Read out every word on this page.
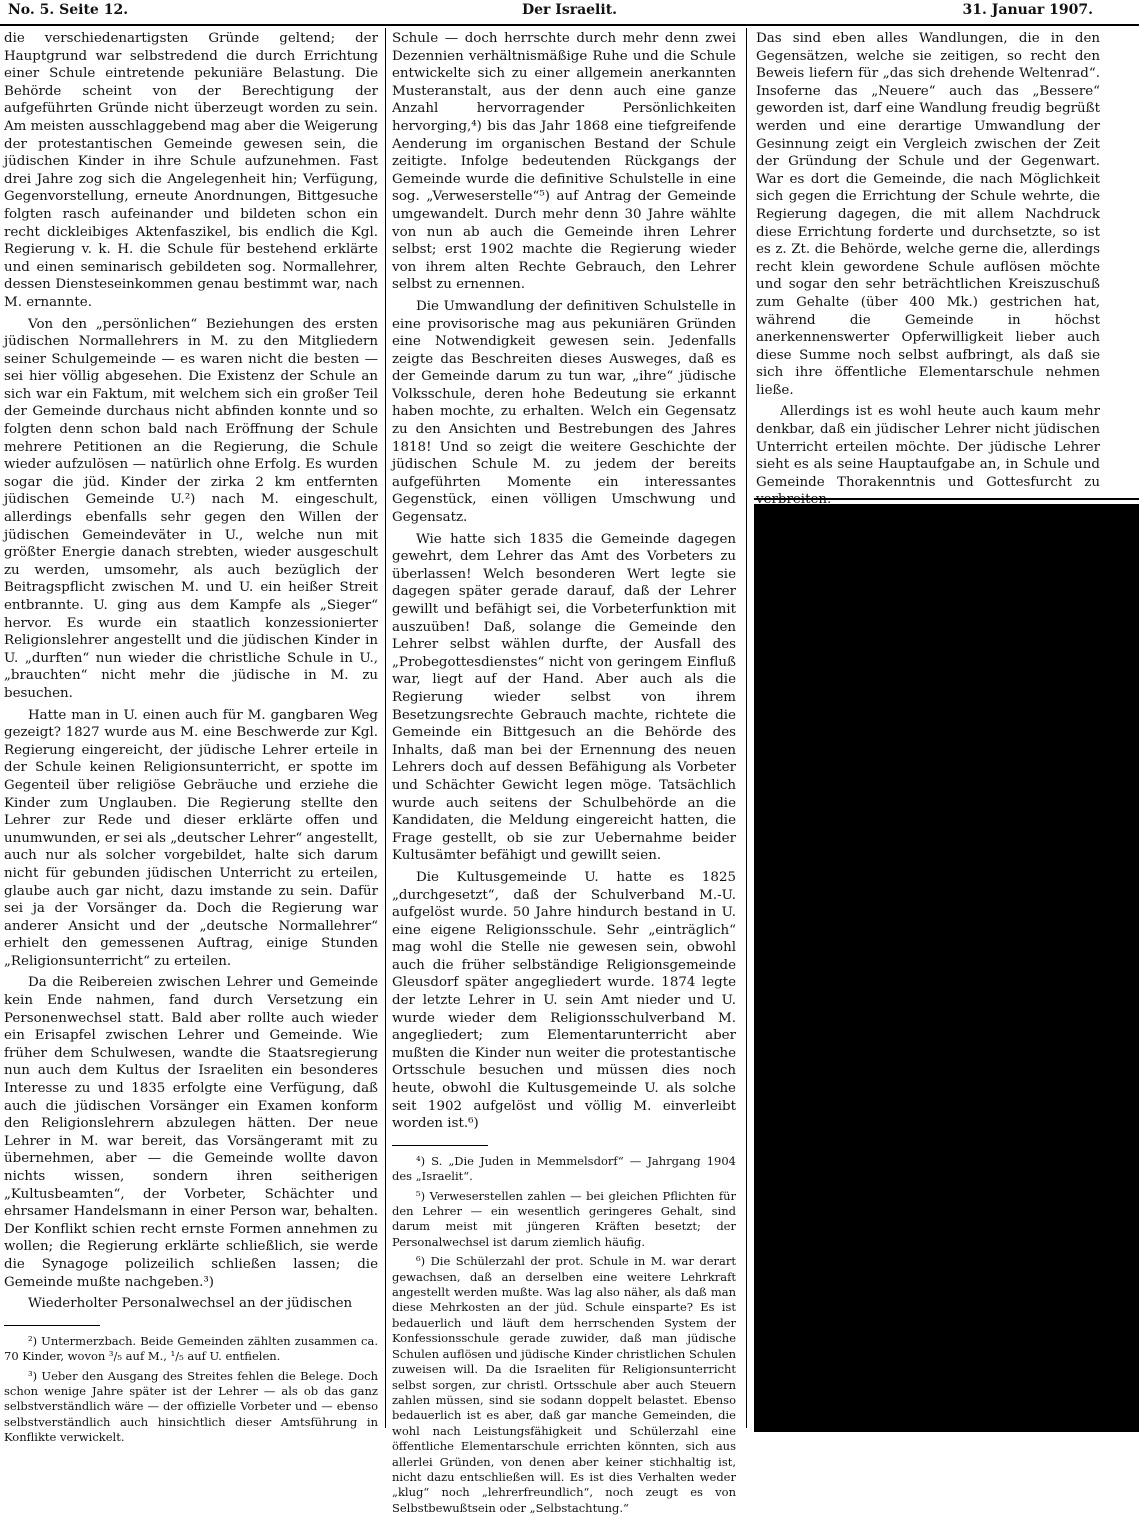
No. 5. Seite 12.	Der Israelit.	31. Januar 1907.

die verschiedenartigsten Gründe geltend; der Hauptgrund war selbstredend die durch Errichtung einer Schule eintretende pekuniäre Belastung. Die Behörde scheint von der Berechtigung der aufgeführten Gründe nicht überzeugt worden zu sein. Am meisten ausschlaggebend mag aber die Weigerung der protestantischen Gemeinde gewesen sein, die jüdischen Kinder in ihre Schule aufzunehmen. Fast drei Jahre zog sich die Angelegenheit hin; Verfügung, Gegenvorstellung, erneute Anordnungen, Bittgesuche folgten rasch aufeinander und bildeten schon ein recht dickleibiges Aktenfaszikel, bis endlich die Kgl. Regierung v. k. H. die Schule für bestehend erklärte und einen seminarisch gebildeten sog. Normallehrer, dessen Diensteseinkommen genau bestimmt war, nach M. ernannte.

Von den „persönlichen“ Beziehungen des ersten jüdischen Normallehrers in M. zu den Mitgliedern seiner Schulgemeinde — es waren nicht die besten — sei hier völlig abgesehen. Die Existenz der Schule an sich war ein Faktum, mit welchem sich ein großer Teil der Gemeinde durchaus nicht abfinden konnte und so folgten denn schon bald nach Eröffnung der Schule mehrere Petitionen an die Regierung, die Schule wieder aufzulösen — natürlich ohne Erfolg. Es wurden sogar die jüd. Kinder der zirka 2 km entfernten jüdischen Gemeinde U.²) nach M. eingeschult, allerdings ebenfalls sehr gegen den Willen der jüdischen Gemeindeväter in U., welche nun mit größter Energie danach strebten, wieder ausgeschult zu werden, umsomehr, als auch bezüglich der Beitragspflicht zwischen M. und U. ein heißer Streit entbrannte. U. ging aus dem Kampfe als „Sieger“ hervor. Es wurde ein staatlich konzessionierter Religionslehrer angestellt und die jüdischen Kinder in U. „durften“ nun wieder die christliche Schule in U., „brauchten“ nicht mehr die jüdische in M. zu besuchen.

Hatte man in U. einen auch für M. gangbaren Weg gezeigt? 1827 wurde aus M. eine Beschwerde zur Kgl. Regierung eingereicht, der jüdische Lehrer erteile in der Schule keinen Religionsunterricht, er spotte im Gegenteil über religiöse Gebräuche und erziehe die Kinder zum Unglauben. Die Regierung stellte den Lehrer zur Rede und dieser erklärte offen und unumwunden, er sei als „deutscher Lehrer“ angestellt, auch nur als solcher vorgebildet, halte sich darum nicht für gebunden jüdischen Unterricht zu erteilen, glaube auch gar nicht, dazu imstande zu sein. Dafür sei ja der Vorsänger da. Doch die Regierung war anderer Ansicht und der „deutsche Normallehrer“ erhielt den gemessenen Auftrag, einige Stunden „Religionsunterricht“ zu erteilen.

Da die Reibereien zwischen Lehrer und Gemeinde kein Ende nahmen, fand durch Versetzung ein Personenwechsel statt. Bald aber rollte auch wieder ein Erisapfel zwischen Lehrer und Gemeinde. Wie früher dem Schulwesen, wandte die Staatsregierung nun auch dem Kultus der Israeliten ein besonderes Interesse zu und 1835 erfolgte eine Verfügung, daß auch die jüdischen Vorsänger ein Examen konform den Religionslehrern abzulegen hätten. Der neue Lehrer in M. war bereit, das Vorsängeramt mit zu übernehmen, aber — die Gemeinde wollte davon nichts wissen, sondern ihren seitherigen „Kultusbeamten“, der Vorbeter, Schächter und ehrsamer Handelsmann in einer Person war, behalten. Der Konflikt schien recht ernste Formen annehmen zu wollen; die Regierung erklärte schließlich, sie werde die Synagoge polizeilich schließen lassen; die Gemeinde mußte nachgeben.³)

Wiederholter Personalwechsel an der jüdischen

²) Untermerzbach. Beide Gemeinden zählten zusammen ca. 70 Kinder, wovon ³/₅ auf M., ¹/₅ auf U. entfielen.

³) Ueber den Ausgang des Streites fehlen die Belege. Doch schon wenige Jahre später ist der Lehrer — als ob das ganz selbstverständlich wäre — der offizielle Vorbeter und — ebenso selbstverständlich auch hinsichtlich dieser Amtsführung in Konflikte verwickelt.

Schule — doch herrschte durch mehr denn zwei Dezennien verhältnismäßige Ruhe und die Schule entwickelte sich zu einer allgemein anerkannten Musteranstalt, aus der denn auch eine ganze Anzahl hervorragender Persönlichkeiten hervorging,⁴) bis das Jahr 1868 eine tiefgreifende Aenderung im organischen Bestand der Schule zeitigte. Infolge bedeutenden Rückgangs der Gemeinde wurde die definitive Schulstelle in eine sog. „Verweserstelle“⁵) auf Antrag der Gemeinde umgewandelt. Durch mehr denn 30 Jahre wählte von nun ab auch die Gemeinde ihren Lehrer selbst; erst 1902 machte die Regierung wieder von ihrem alten Rechte Gebrauch, den Lehrer selbst zu ernennen.

Die Umwandlung der definitiven Schulstelle in eine provisorische mag aus pekuniären Gründen eine Notwendigkeit gewesen sein. Jedenfalls zeigte das Beschreiten dieses Ausweges, daß es der Gemeinde darum zu tun war, „ihre“ jüdische Volksschule, deren hohe Bedeutung sie erkannt haben mochte, zu erhalten. Welch ein Gegensatz zu den Ansichten und Bestrebungen des Jahres 1818! Und so zeigt die weitere Geschichte der jüdischen Schule M. zu jedem der bereits aufgeführten Momente ein interessantes Gegenstück, einen völligen Umschwung und Gegensatz.

Wie hatte sich 1835 die Gemeinde dagegen gewehrt, dem Lehrer das Amt des Vorbeters zu überlassen! Welch besonderen Wert legte sie dagegen später gerade darauf, daß der Lehrer gewillt und befähigt sei, die Vorbeterfunktion mit auszuüben! Daß, solange die Gemeinde den Lehrer selbst wählen durfte, der Ausfall des „Probegottesdienstes“ nicht von geringem Einfluß war, liegt auf der Hand. Aber auch als die Regierung wieder selbst von ihrem Besetzungsrechte Gebrauch machte, richtete die Gemeinde ein Bittgesuch an die Behörde des Inhalts, daß man bei der Ernennung des neuen Lehrers doch auf dessen Befähigung als Vorbeter und Schächter Gewicht legen möge. Tatsächlich wurde auch seitens der Schulbehörde an die Kandidaten, die Meldung eingereicht hatten, die Frage gestellt, ob sie zur Uebernahme beider Kultusämter befähigt und gewillt seien.

Die Kultusgemeinde U. hatte es 1825 „durchgesetzt“, daß der Schulverband M.-U. aufgelöst wurde. 50 Jahre hindurch bestand in U. eine eigene Religionsschule. Sehr „einträglich“ mag wohl die Stelle nie gewesen sein, obwohl auch die früher selbständige Religionsgemeinde Gleusdorf später angegliedert wurde. 1874 legte der letzte Lehrer in U. sein Amt nieder und U. wurde wieder dem Religionsschulverband M. angegliedert; zum Elementarunterricht aber mußten die Kinder nun weiter die protestantische Ortsschule besuchen und müssen dies noch heute, obwohl die Kultusgemeinde U. als solche seit 1902 aufgelöst und völlig M. einverleibt worden ist.⁶)

⁴) S. „Die Juden in Memmelsdorf“ — Jahrgang 1904 des „Israelit“.

⁵) Verweserstellen zahlen — bei gleichen Pflichten für den Lehrer — ein wesentlich geringeres Gehalt, sind darum meist mit jüngeren Kräften besetzt; der Personalwechsel ist darum ziemlich häufig.

⁶) Die Schülerzahl der prot. Schule in M. war derart gewachsen, daß an derselben eine weitere Lehrkraft angestellt werden mußte. Was lag also näher, als daß man diese Mehrkosten an der jüd. Schule einsparte? Es ist bedauerlich und läuft dem herrschenden System der Konfessionsschule gerade zuwider, daß man jüdische Schulen auflösen und jüdische Kinder christlichen Schulen zuweisen will. Da die Israeliten für Religionsunterricht selbst sorgen, zur christl. Ortsschule aber auch Steuern zahlen müssen, sind sie sodann doppelt belastet. Ebenso bedauerlich ist es aber, daß gar manche Gemeinden, die wohl nach Leistungsfähigkeit und Schülerzahl eine öffentliche Elementarschule errichten könnten, sich aus allerlei Gründen, von denen aber keiner stichhaltig ist, nicht dazu entschließen will. Es ist dies Verhalten weder „klug“ noch „lehrerfreundlich“, noch zeugt es von Selbstbewußtsein oder „Selbstachtung.“

Das sind eben alles Wandlungen, die in den Gegensätzen, welche sie zeitigen, so recht den Beweis liefern für „das sich drehende Weltenrad“. Insoferne das „Neuere“ auch das „Bessere“ geworden ist, darf eine Wandlung freudig begrüßt werden und eine derartige Umwandlung der Gesinnung zeigt ein Vergleich zwischen der Zeit der Gründung der Schule und der Gegenwart. War es dort die Gemeinde, die nach Möglichkeit sich gegen die Errichtung der Schule wehrte, die Regierung dagegen, die mit allem Nachdruck diese Errichtung forderte und durchsetzte, so ist es z. Zt. die Behörde, welche gerne die, allerdings recht klein gewordene Schule auflösen möchte und sogar den sehr beträchtlichen Kreiszuschuß zum Gehalte (über 400 Mk.) gestrichen hat, während die Gemeinde in höchst anerkennenswerter Opferwilligkeit lieber auch diese Summe noch selbst aufbringt, als daß sie sich ihre öffentliche Elementarschule nehmen ließe.

Allerdings ist es wohl heute auch kaum mehr denkbar, daß ein jüdischer Lehrer nicht jüdischen Unterricht erteilen möchte. Der jüdische Lehrer sieht es als seine Hauptaufgabe an, in Schule und Gemeinde Thorakenntnis und Gottesfurcht zu
